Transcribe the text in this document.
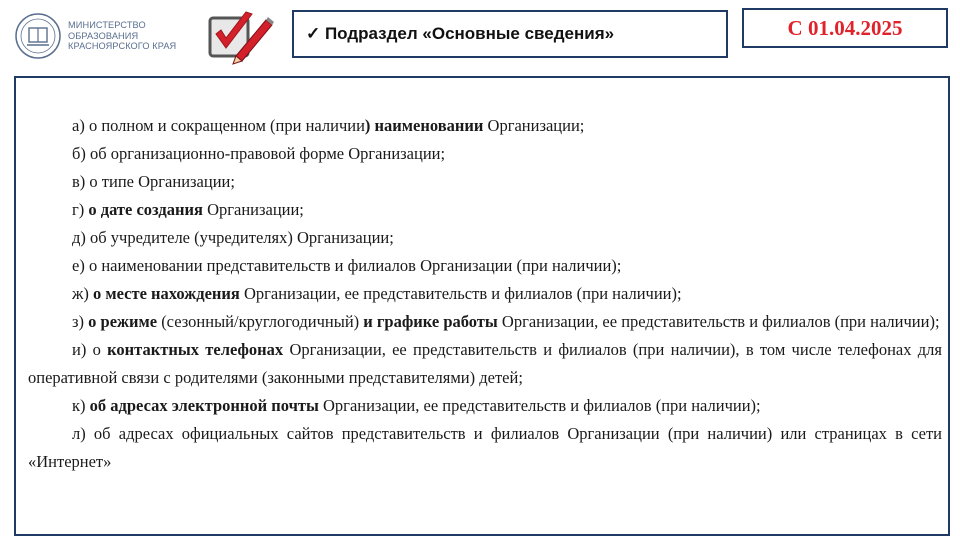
МИНИСТЕРСТВО
ОБРАЗОВАНИЯ
КРАСНОЯРСКОГО КРАЯ
✓ Подраздел «Основные сведения»	С 01.04.2025

а) о полном и сокращенном (при наличии) наименовании Организации;

б) об организационно-правовой форме Организации;

в) о типе Организации;

г) о дате создания Организации;

д) об учредителе (учредителях) Организации;

е) о наименовании представительств и филиалов Организации (при наличии);

ж) о месте нахождения Организации, ее представительств и филиалов (при наличии);

з) о режиме (сезонный/круглогодичный) и графике работы Организации, ее представительств и филиалов (при наличии);

и) о контактных телефонах Организации, ее представительств и филиалов (при наличии), в том числе телефонах для оперативной связи с родителями (законными представителями) детей;

к) об адресах электронной почты Организации, ее представительств и филиалов (при наличии);

л) об адресах официальных сайтов представительств и филиалов Организации (при наличии) или страницах в сети «Интернет»
